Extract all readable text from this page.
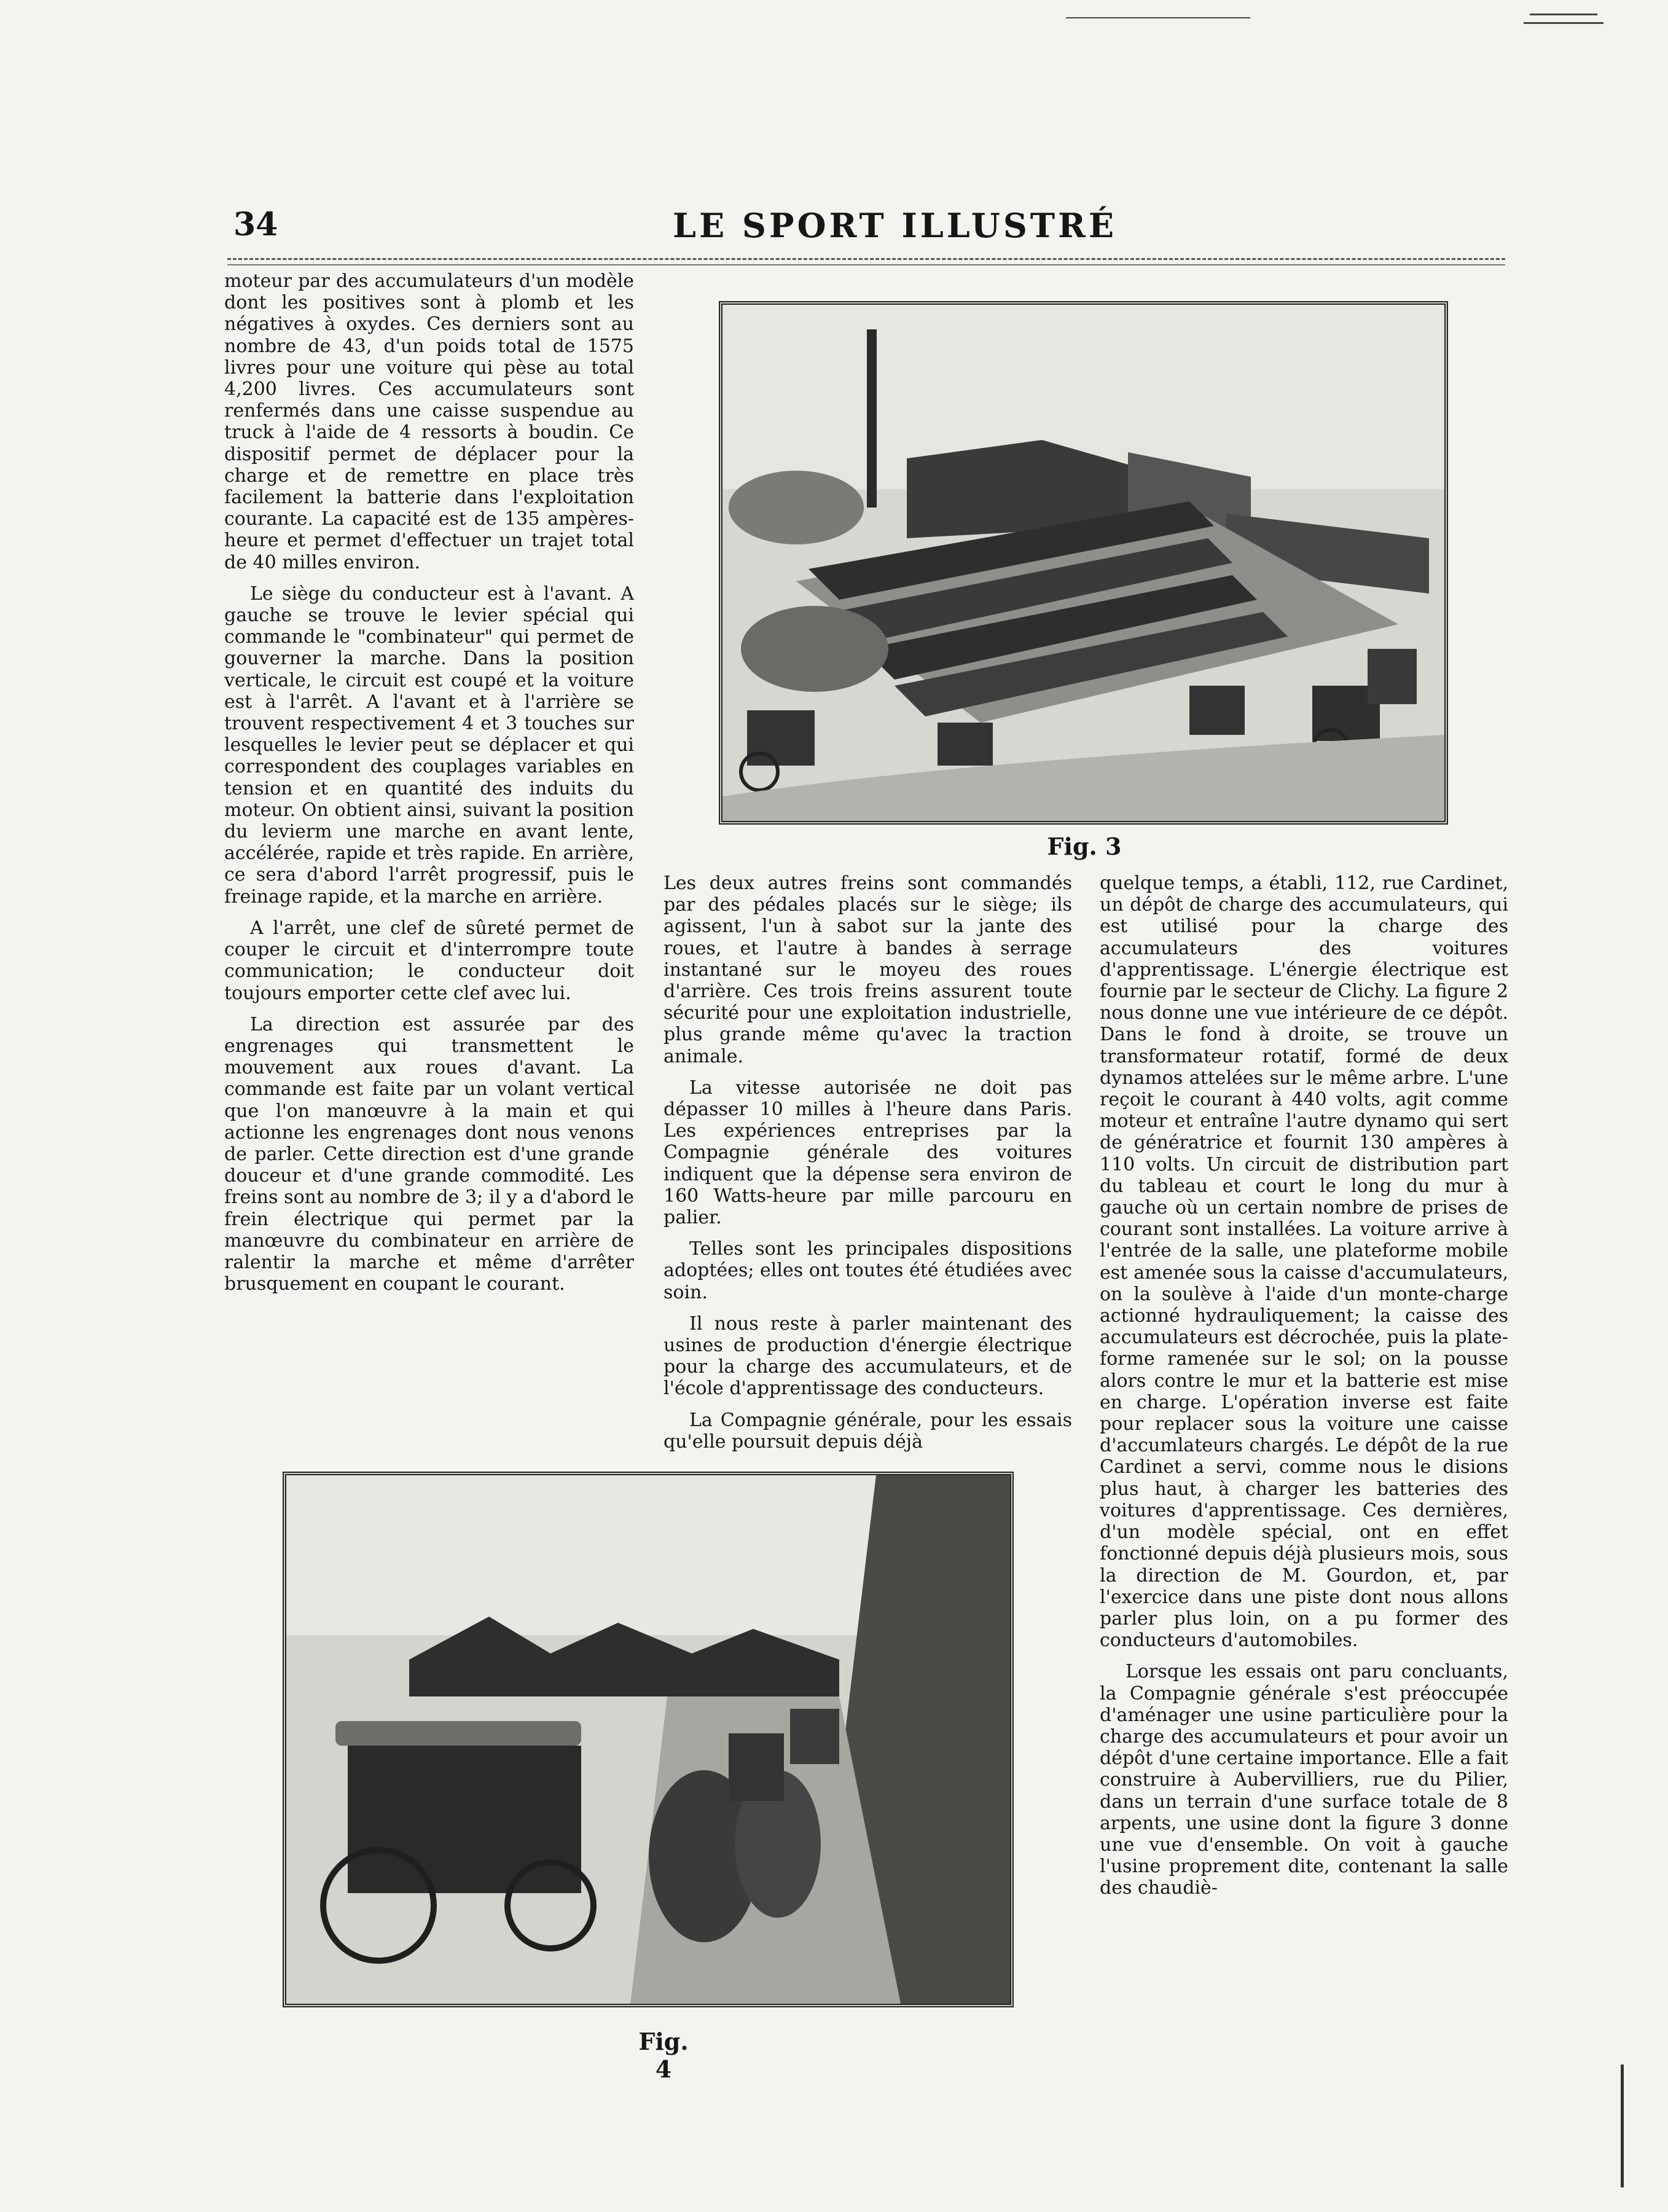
34	LE SPORT ILLUSTRÉ

moteur par des accumulateurs d'un modèle dont les positives sont à plomb et les négatives à oxydes. Ces derniers sont au nombre de 43, d'un poids total de 1575 livres pour une voiture qui pèse au total 4,200 livres. Ces accumulateurs sont renfermés dans une caisse suspendue au truck à l'aide de 4 ressorts à boudin. Ce dispositif permet de déplacer pour la charge et de remettre en place très facilement la batterie dans l'exploitation courante. La capacité est de 135 ampères-heure et permet d'effectuer un trajet total de 40 milles environ.

Le siège du conducteur est à l'avant. A gauche se trouve le levier spécial qui commande le "combinateur" qui permet de gouverner la marche. Dans la position verticale, le circuit est coupé et la voiture est à l'arrêt. A l'avant et à l'arrière se trouvent respectivement 4 et 3 touches sur lesquelles le levier peut se déplacer et qui correspondent des couplages variables en tension et en quantité des induits du moteur. On obtient ainsi, suivant la position du levierm une marche en avant lente, accélérée, rapide et très rapide. En arrière, ce sera d'abord l'arrêt progressif, puis le freinage rapide, et la marche en arrière.

A l'arrêt, une clef de sûreté permet de couper le circuit et d'interrompre toute communication; le conducteur doit toujours emporter cette clef avec lui.

La direction est assurée par des engrenages qui transmettent le mouvement aux roues d'avant. La commande est faite par un volant vertical que l'on manœuvre à la main et qui actionne les engrenages dont nous venons de parler. Cette direction est d'une grande douceur et d'une grande commodité. Les freins sont au nombre de 3; il y a d'abord le frein électrique qui permet par la manœuvre du combinateur en arrière de ralentir la marche et même d'arrêter brusquement en coupant le courant.

Fig. 3

Les deux autres freins sont commandés par des pédales placés sur le siège; ils agissent, l'un à sabot sur la jante des roues, et l'autre à bandes à serrage instantané sur le moyeu des roues d'arrière. Ces trois freins assurent toute sécurité pour une exploitation industrielle, plus grande même qu'avec la traction animale.

La vitesse autorisée ne doit pas dépasser 10 milles à l'heure dans Paris. Les expériences entreprises par la Compagnie générale des voitures indiquent que la dépense sera environ de 160 Watts-heure par mille parcouru en palier.

Telles sont les principales dispositions adoptées; elles ont toutes été étudiées avec soin.

Il nous reste à parler maintenant des usines de production d'énergie électrique pour la charge des accumulateurs, et de l'école d'apprentissage des conducteurs.

La Compagnie générale, pour les essais qu'elle poursuit depuis déjà

quelque temps, a établi, 112, rue Cardinet, un dépôt de charge des accumulateurs, qui est utilisé pour la charge des accumulateurs des voitures d'apprentissage. L'énergie électrique est fournie par le secteur de Clichy. La figure 2 nous donne une vue intérieure de ce dépôt. Dans le fond à droite, se trouve un transformateur rotatif, formé de deux dynamos attelées sur le même arbre. L'une reçoit le courant à 440 volts, agit comme moteur et entraîne l'autre dynamo qui sert de génératrice et fournit 130 ampères à 110 volts. Un circuit de distribution part du tableau et court le long du mur à gauche où un certain nombre de prises de courant sont installées. La voiture arrive à l'entrée de la salle, une plateforme mobile est amenée sous la caisse d'accumulateurs, on la soulève à l'aide d'un monte-charge actionné hydrauliquement; la caisse des accumulateurs est décrochée, puis la plate-forme ramenée sur le sol; on la pousse alors contre le mur et la batterie est mise en charge. L'opération inverse est faite pour replacer sous la voiture une caisse d'accumlateurs chargés. Le dépôt de la rue Cardinet a servi, comme nous le disions plus haut, à charger les batteries des voitures d'apprentissage. Ces dernières, d'un modèle spécial, ont en effet fonctionné depuis déjà plusieurs mois, sous la direction de M. Gourdon, et, par l'exercice dans une piste dont nous allons parler plus loin, on a pu former des conducteurs d'automobiles.

Lorsque les essais ont paru concluants, la Compagnie générale s'est préoccupée d'aménager une usine particulière pour la charge des accumulateurs et pour avoir un dépôt d'une certaine importance. Elle a fait construire à Aubervilliers, rue du Pilier, dans un terrain d'une surface totale de 8 arpents, une usine dont la figure 3 donne une vue d'ensemble. On voit à gauche l'usine proprement dite, contenant la salle des chaudiè-

Fig. 4
